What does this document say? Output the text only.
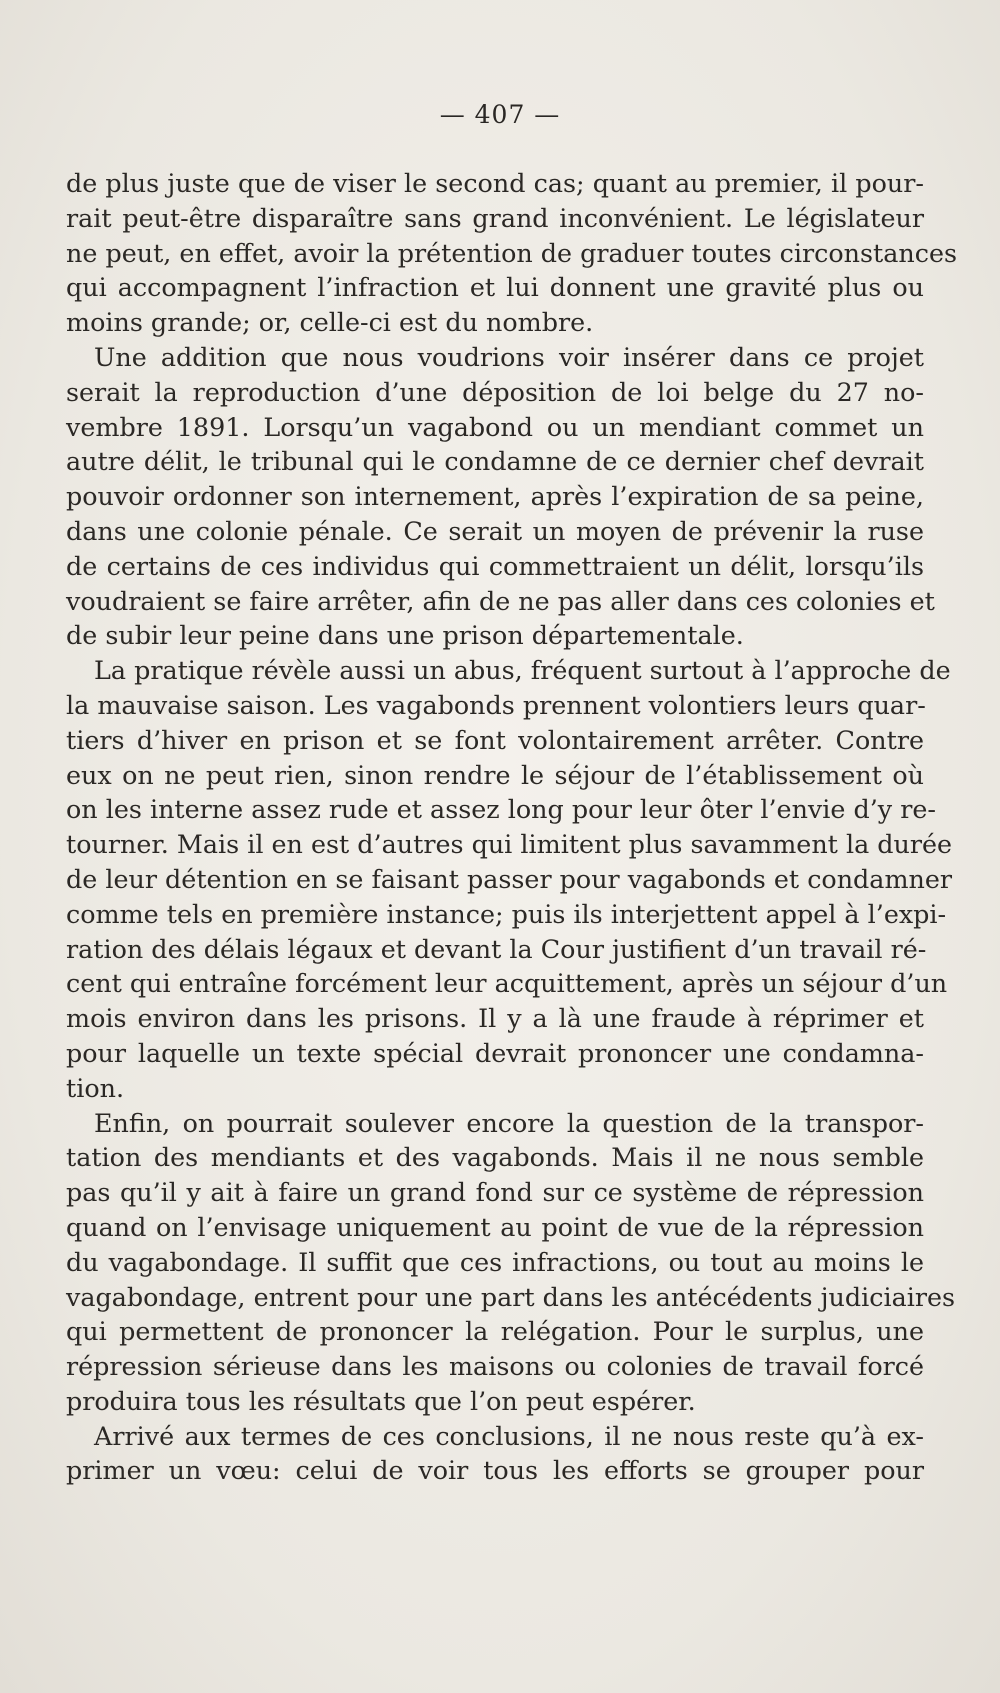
— 407 —
de plus juste que de viser le second cas; quant au premier, il pour-
rait peut-être disparaître sans grand inconvénient. Le législateur
ne peut, en effet, avoir la prétention de graduer toutes circonstances
qui accompagnent l’infraction et lui donnent une gravité plus ou
moins grande; or, celle-ci est du nombre.
Une addition que nous voudrions voir insérer dans ce projet
serait la reproduction d’une déposition de loi belge du 27 no-
vembre 1891. Lorsqu’un vagabond ou un mendiant commet un
autre délit, le tribunal qui le condamne de ce dernier chef devrait
pouvoir ordonner son internement, après l’expiration de sa peine,
dans une colonie pénale. Ce serait un moyen de prévenir la ruse
de certains de ces individus qui commettraient un délit, lorsqu’ils
voudraient se faire arrêter, afin de ne pas aller dans ces colonies et
de subir leur peine dans une prison départementale.
La pratique révèle aussi un abus, fréquent surtout à l’approche de
la mauvaise saison. Les vagabonds prennent volontiers leurs quar-
tiers d’hiver en prison et se font volontairement arrêter. Contre
eux on ne peut rien, sinon rendre le séjour de l’établissement où
on les interne assez rude et assez long pour leur ôter l’envie d’y re-
tourner. Mais il en est d’autres qui limitent plus savamment la durée
de leur détention en se faisant passer pour vagabonds et condamner
comme tels en première instance; puis ils interjettent appel à l’expi-
ration des délais légaux et devant la Cour justifient d’un travail ré-
cent qui entraîne forcément leur acquittement, après un séjour d’un
mois environ dans les prisons. Il y a là une fraude à réprimer et
pour laquelle un texte spécial devrait prononcer une condamna-
tion.
Enfin, on pourrait soulever encore la question de la transpor-
tation des mendiants et des vagabonds. Mais il ne nous semble
pas qu’il y ait à faire un grand fond sur ce système de répression
quand on l’envisage uniquement au point de vue de la répression
du vagabondage. Il suffit que ces infractions, ou tout au moins le
vagabondage, entrent pour une part dans les antécédents judiciaires
qui permettent de prononcer la relégation. Pour le surplus, une
répression sérieuse dans les maisons ou colonies de travail forcé
produira tous les résultats que l’on peut espérer.
Arrivé aux termes de ces conclusions, il ne nous reste qu’à ex-
primer un vœu: celui de voir tous les efforts se grouper pour
